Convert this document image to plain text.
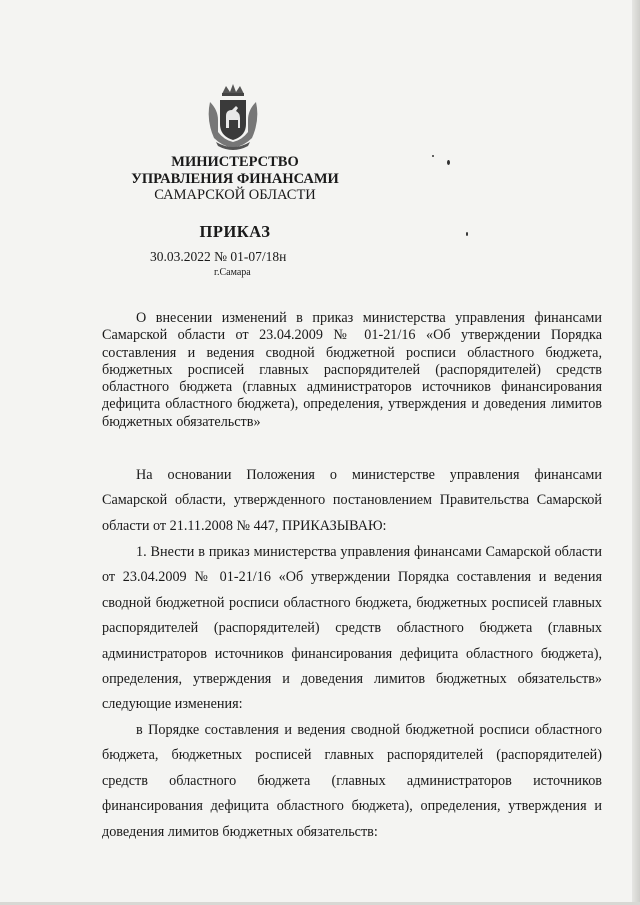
МИНИСТЕРСТВО
УПРАВЛЕНИЯ ФИНАНСАМИ
САМАРСКОЙ ОБЛАСТИ
ПРИКАЗ
30.03.2022 № 01-07/18н
г.Самара
О внесении изменений в приказ министерства управления финансами Самарской области от 23.04.2009 № 01-21/16 «Об утверждении Порядка составления и ведения сводной бюджетной росписи областного бюджета, бюджетных росписей главных распорядителей (распорядителей) средств областного бюджета (главных администраторов источников финансирования дефицита областного бюджета), определения, утверждения и доведения лимитов бюджетных обязательств»
На основании Положения о министерстве управления финансами Самарской области, утвержденного постановлением Правительства Самарской области от 21.11.2008 № 447, ПРИКАЗЫВАЮ:
1. Внести в приказ министерства управления финансами Самарской области от 23.04.2009 № 01-21/16 «Об утверждении Порядка составления и ведения сводной бюджетной росписи областного бюджета, бюджетных росписей главных распорядителей (распорядителей) средств областного бюджета (главных администраторов источников финансирования дефицита областного бюджета), определения, утверждения и доведения лимитов бюджетных обязательств» следующие изменения:
в Порядке составления и ведения сводной бюджетной росписи областного бюджета, бюджетных росписей главных распорядителей (распорядителей) средств областного бюджета (главных администраторов источников финансирования дефицита областного бюджета), определения, утверждения и доведения лимитов бюджетных обязательств:
